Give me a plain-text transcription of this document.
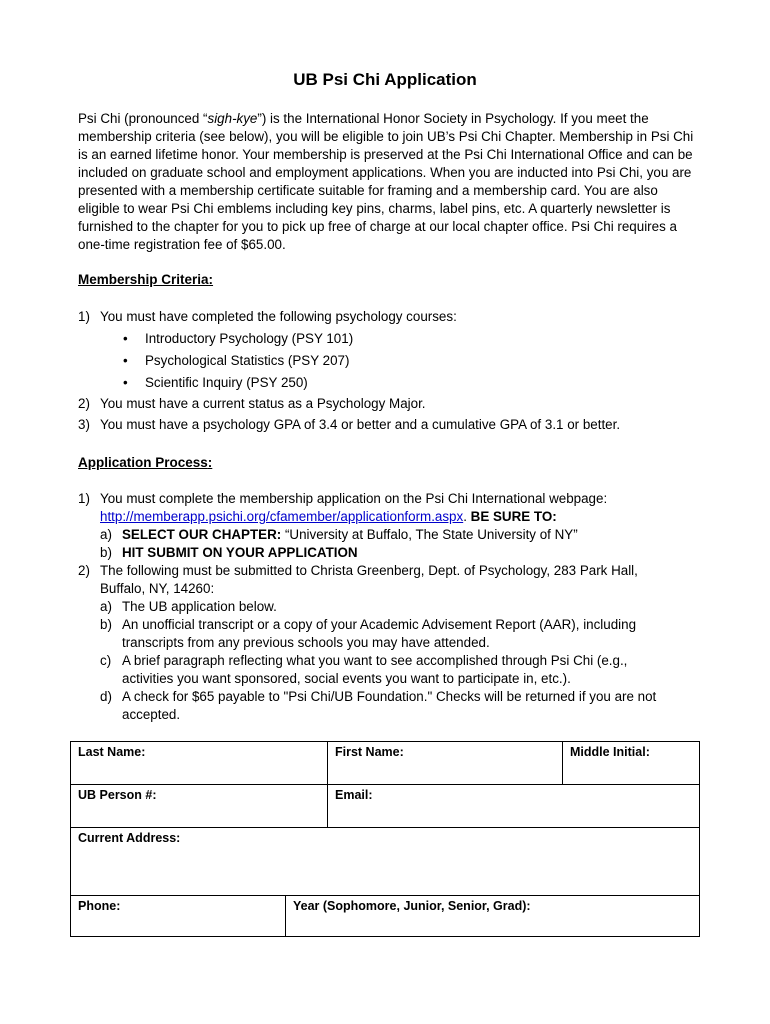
UB Psi Chi Application
Psi Chi (pronounced “sigh-kye”) is the International Honor Society in Psychology. If you meet the membership criteria (see below), you will be eligible to join UB’s Psi Chi Chapter. Membership in Psi Chi is an earned lifetime honor. Your membership is preserved at the Psi Chi International Office and can be included on graduate school and employment applications. When you are inducted into Psi Chi, you are presented with a membership certificate suitable for framing and a membership card. You are also eligible to wear Psi Chi emblems including key pins, charms, label pins, etc. A quarterly newsletter is furnished to the chapter for you to pick up free of charge at our local chapter office. Psi Chi requires a one-time registration fee of $65.00.
Membership Criteria:
1) You must have completed the following psychology courses:
• Introductory Psychology (PSY 101)
• Psychological Statistics (PSY 207)
• Scientific Inquiry (PSY 250)
2) You must have a current status as a Psychology Major.
3) You must have a psychology GPA of 3.4 or better and a cumulative GPA of 3.1 or better.
Application Process:
1) You must complete the membership application on the Psi Chi International webpage:
http://memberapp.psichi.org/cfamember/applicationform.aspx. BE SURE TO:
a) SELECT OUR CHAPTER: “University at Buffalo, The State University of NY”
b) HIT SUBMIT ON YOUR APPLICATION
2) The following must be submitted to Christa Greenberg, Dept. of Psychology, 283 Park Hall,
Buffalo, NY, 14260:
a) The UB application below.
b) An unofficial transcript or a copy of your Academic Advisement Report (AAR), including
transcripts from any previous schools you may have attended.
c) A brief paragraph reflecting what you want to see accomplished through Psi Chi (e.g.,
activities you want sponsored, social events you want to participate in, etc.).
d) A check for $65 payable to "Psi Chi/UB Foundation." Checks will be returned if you are not
accepted.
Last Name:	First Name:	Middle Initial:
UB Person #:	Email:
Current Address:
Phone:	Year (Sophomore, Junior, Senior, Grad):
